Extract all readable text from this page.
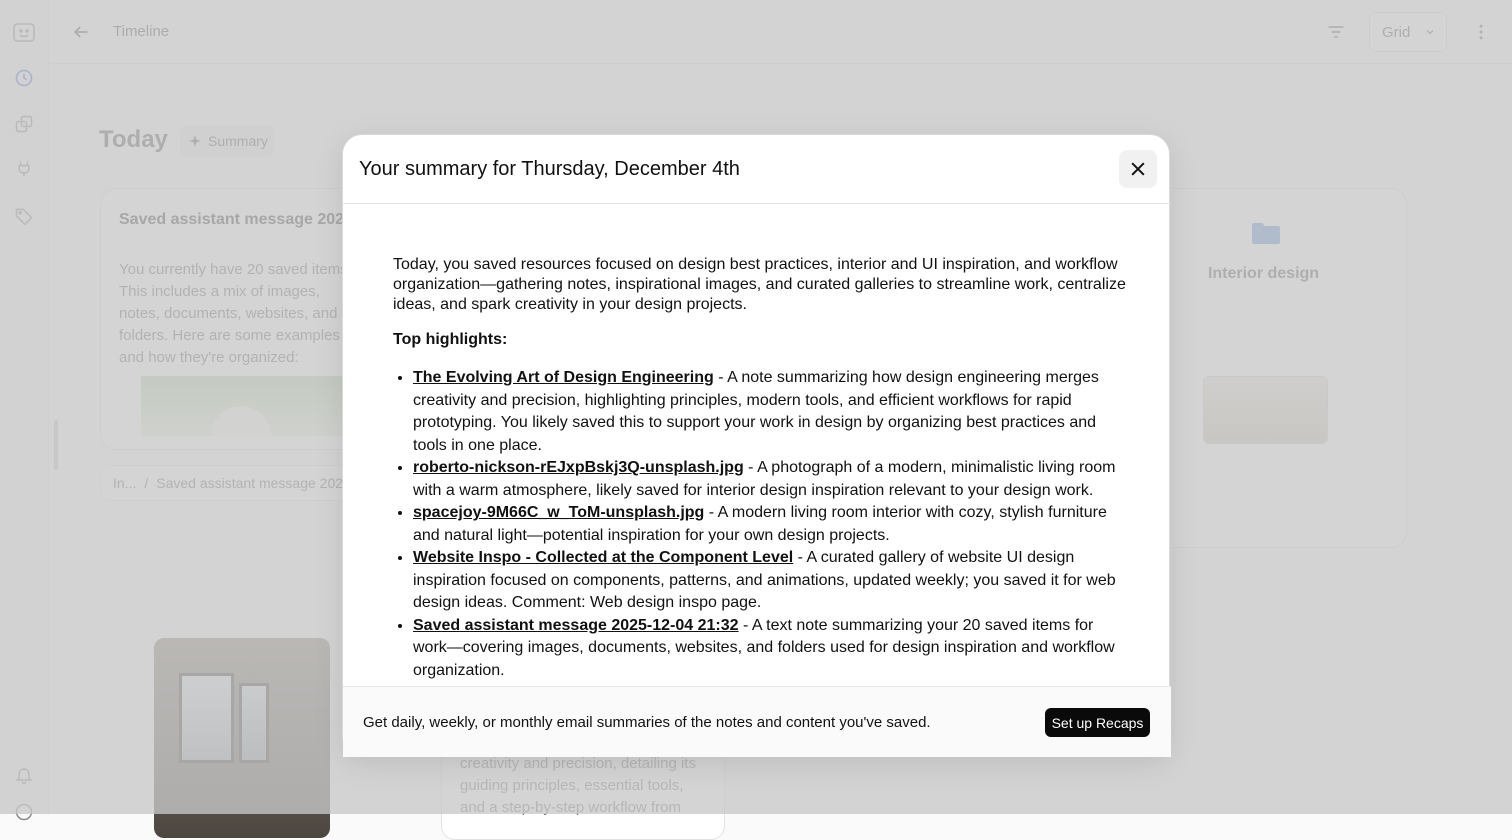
Your summary for Thursday, December 4th

Today, you saved resources focused on design best practices, interior and UI inspiration, and workflow organization—gathering notes, inspirational images, and curated galleries to streamline work, centralize ideas, and spark creativity in your design projects.

Top highlights:

• The Evolving Art of Design Engineering - A note summarizing how design engineering merges creativity and precision, highlighting principles, modern tools, and efficient workflows for rapid prototyping. You likely saved this to support your work in design by organizing best practices and tools in one place.
• roberto-nickson-rEJxpBskj3Q-unsplash.jpg - A photograph of a modern, minimalistic living room with a warm atmosphere, likely saved for interior design inspiration relevant to your design work.
• spacejoy-9M66C_w_ToM-unsplash.jpg - A modern living room interior with cozy, stylish furniture and natural light—potential inspiration for your own design projects.
• Website Inspo - Collected at the Component Level - A curated gallery of website UI design inspiration focused on components, patterns, and animations, updated weekly; you saved it for web design ideas. Comment: Web design inspo page.
• Saved assistant message 2025-12-04 21:32 - A text note summarizing your 20 saved items for work—covering images, documents, websites, and folders used for design inspiration and workflow organization.
Get daily, weekly, or monthly email summaries of the notes and content you've saved.	Set up Recaps
